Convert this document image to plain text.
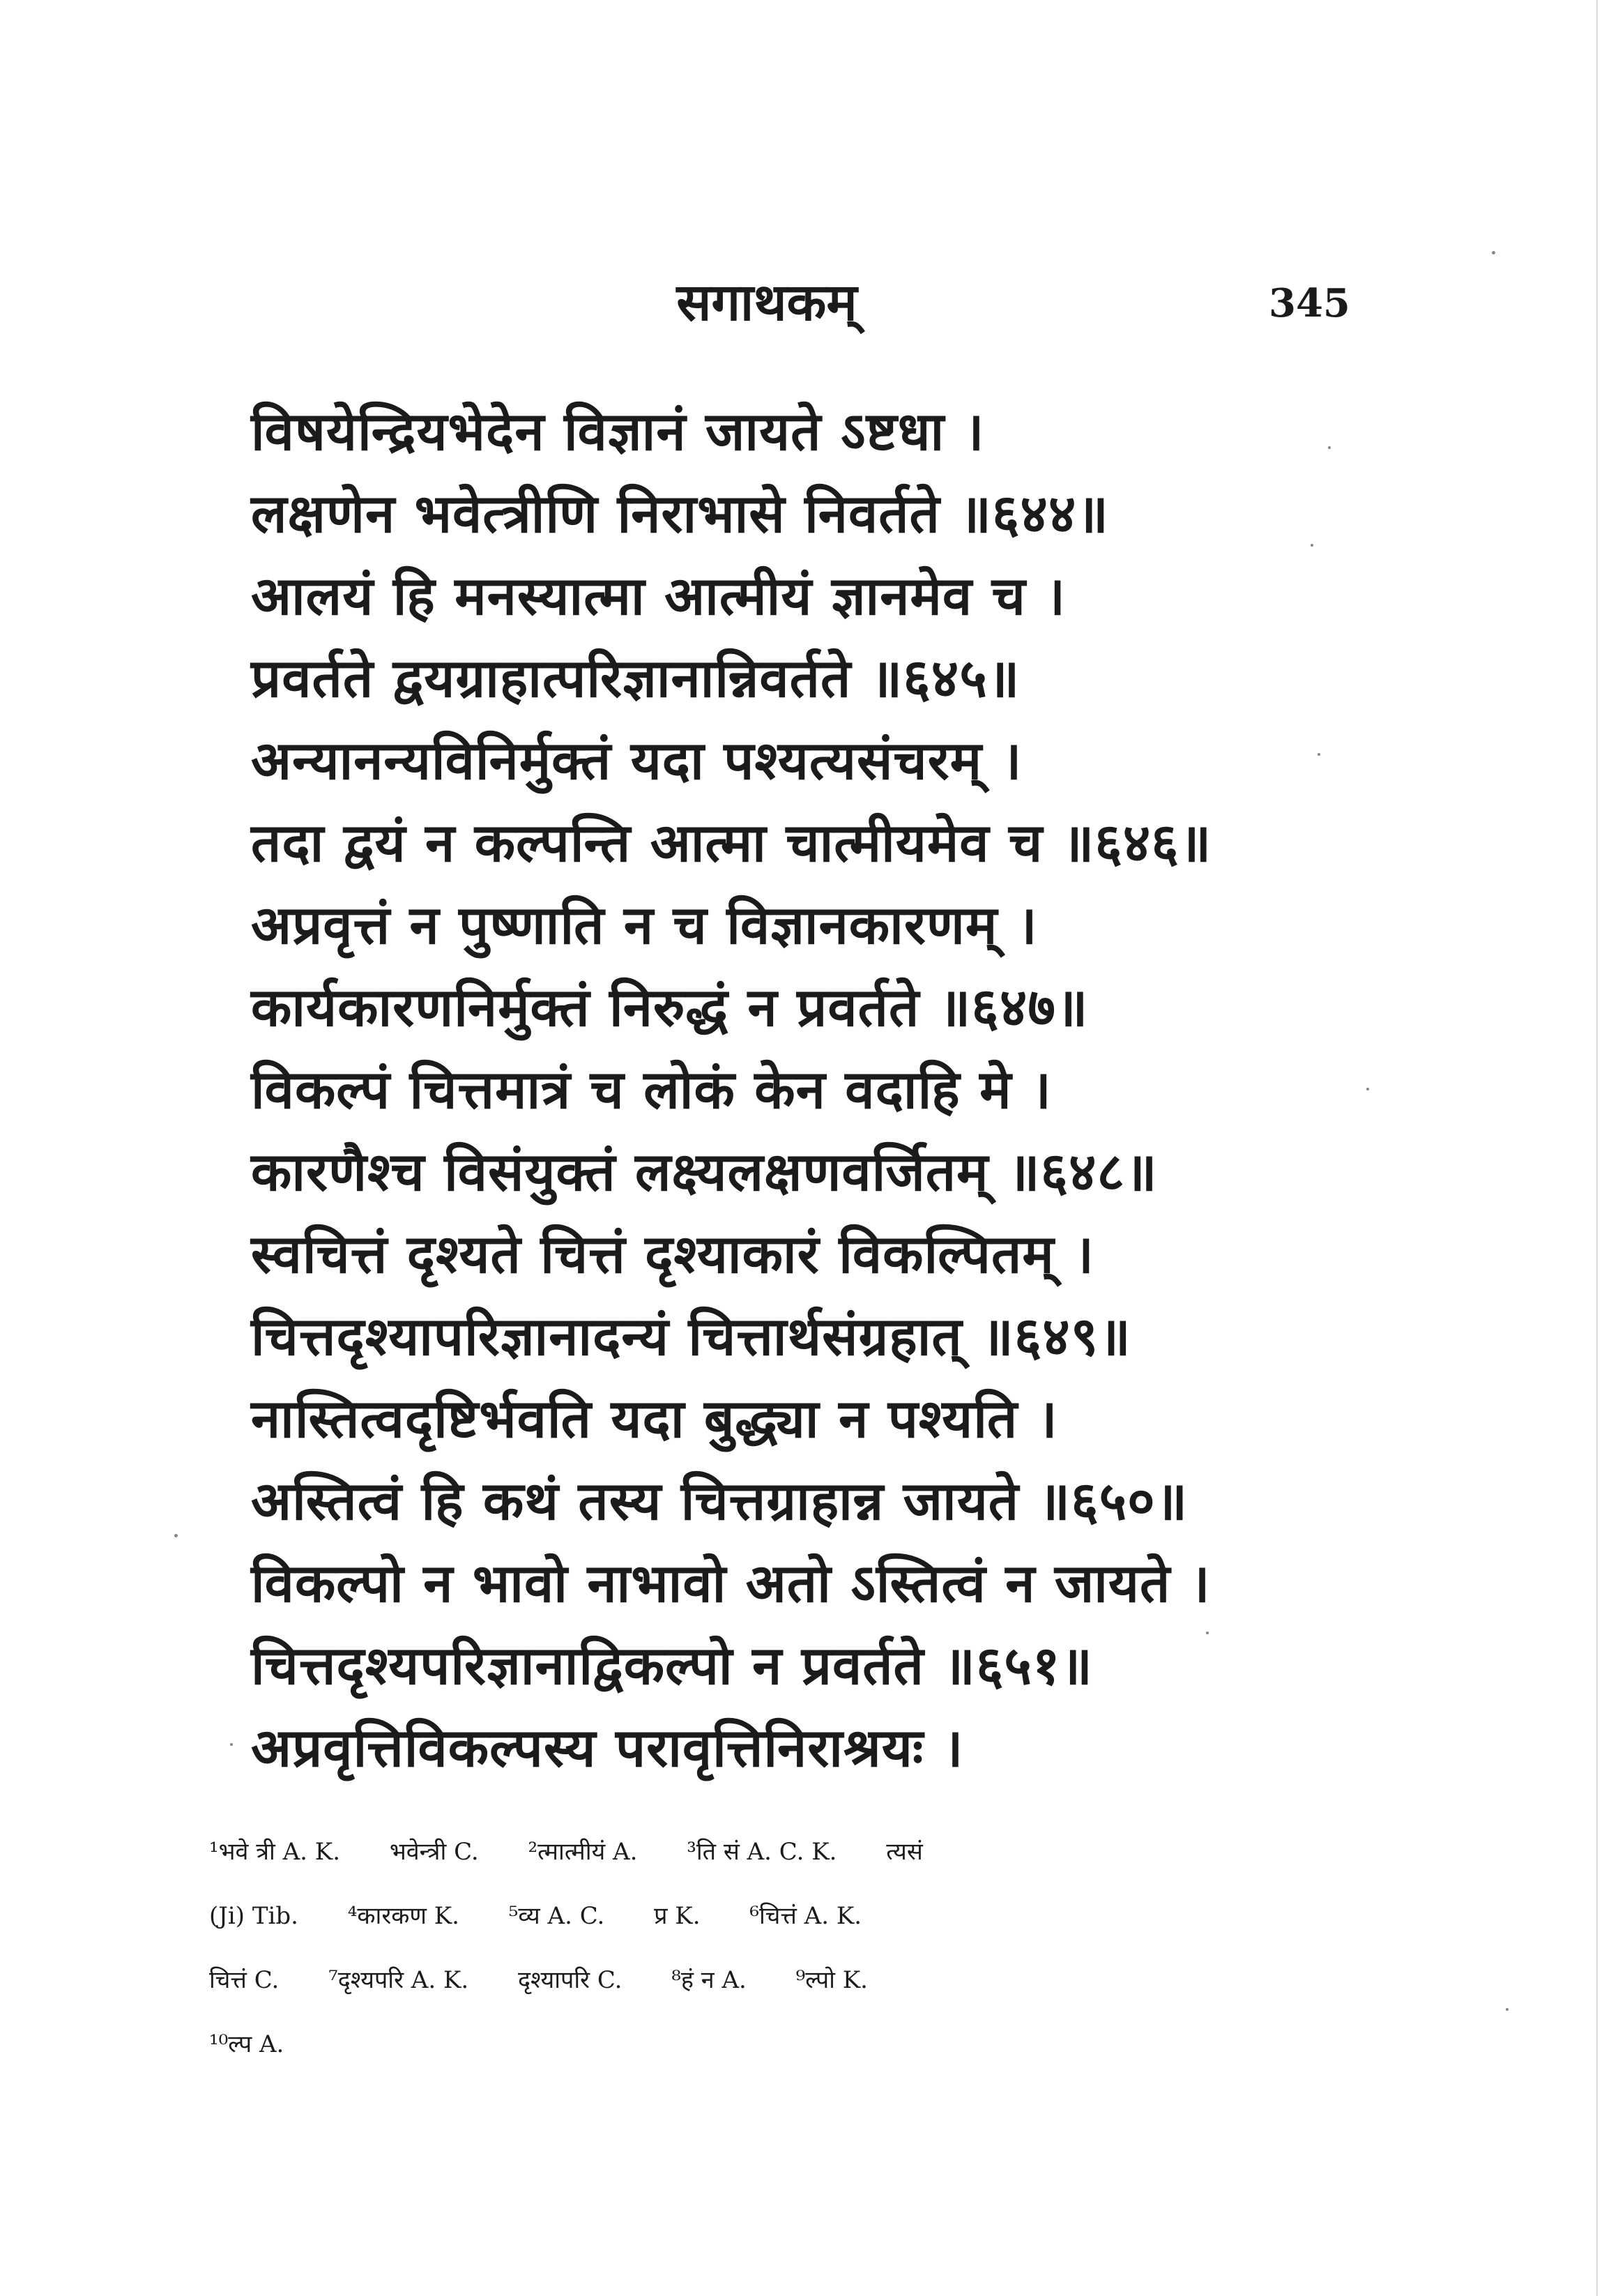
सगाथकम्	345
विषयेन्द्रियभेदेन विज्ञानं जायते ऽष्टधा ।
लक्षणेन भवेत्त्रीणि निराभासे निवर्तते ॥६४४॥
आलयं हि मनस्यात्मा आत्मीयं ज्ञानमेव च ।
प्रवर्तते द्वयग्राहात्परिज्ञानान्निवर्तते ॥६४५॥
अन्यानन्यविनिर्मुक्तं यदा पश्यत्यसंचरम् ।
तदा द्वयं न कल्पन्ति आत्मा चात्मीयमेव च ॥६४६॥
अप्रवृत्तं न पुष्णाति न च विज्ञानकारणम् ।
कार्यकारणनिर्मुक्तं निरुद्धं न प्रवर्तते ॥६४७॥
विकल्पं चित्तमात्रं च लोकं केन वदाहि मे ।
कारणैश्च विसंयुक्तं लक्ष्यलक्षणवर्जितम् ॥६४८॥
स्वचित्तं दृश्यते चित्तं दृश्याकारं विकल्पितम् ।
चित्तदृश्यापरिज्ञानादन्यं चित्तार्थसंग्रहात् ॥६४९॥
नास्तित्वदृष्टिर्भवति यदा बुद्ध्या न पश्यति ।
अस्तित्वं हि कथं तस्य चित्तग्राहान्न जायते ॥६५०॥
विकल्पो न भावो नाभावो अतो ऽस्तित्वं न जायते ।
चित्तदृश्यपरिज्ञानाद्विकल्पो न प्रवर्तते ॥६५१॥
अप्रवृत्तिविकल्पस्य परावृत्तिनिराश्रयः ।
¹भवे त्री A. K. भवेन्त्री C. ²त्मात्मीयं A. ³ति सं A. C. K. त्यसं
(Ji) Tib. ⁴कारकण K. ⁵व्य A. C. प्र K. ⁶चित्तं A. K.
चित्तं C. ⁷दृश्यपरि A. K. दृश्यापरि C. ⁸हं न A. ⁹ल्पो K.
¹⁰ल्प A.
